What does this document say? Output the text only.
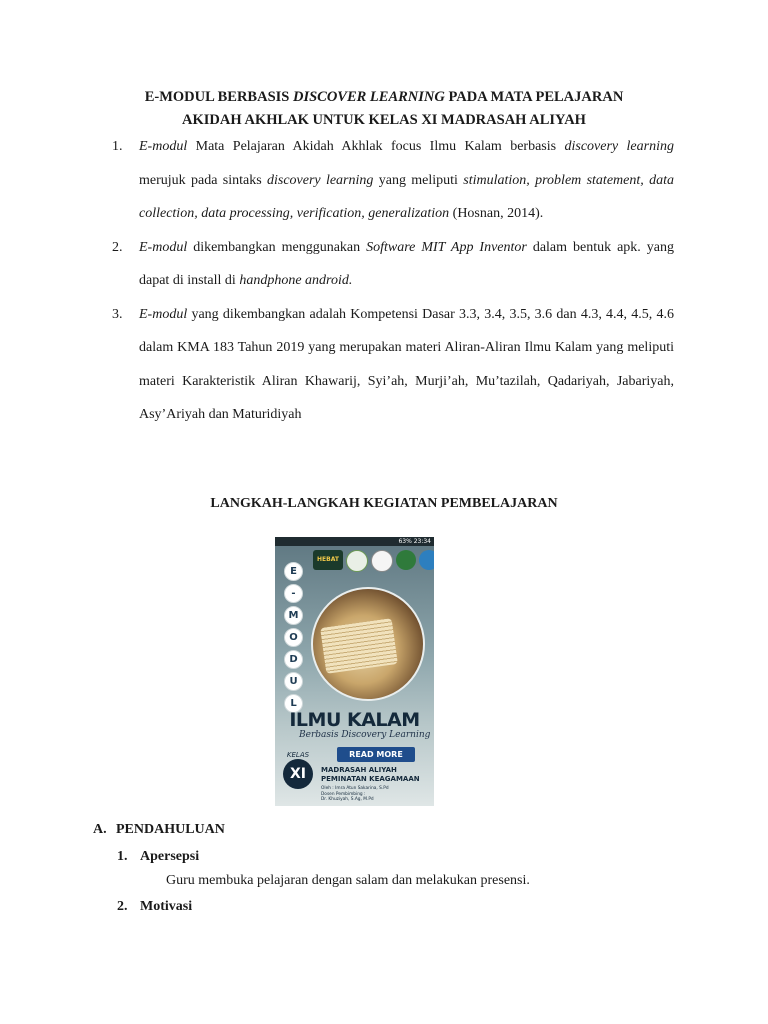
E-MODUL BERBASIS DISCOVER LEARNING PADA MATA PELAJARAN
AKIDAH AKHLAK UNTUK KELAS XI MADRASAH ALIYAH
1. E-modul Mata Pelajaran Akidah Akhlak focus Ilmu Kalam berbasis discovery learning merujuk pada sintaks discovery learning yang meliputi stimulation, problem statement, data collection, data processing, verification, generalization (Hosnan, 2014).
2. E-modul dikembangkan menggunakan Software MIT App Inventor dalam bentuk apk. yang dapat di install di handphone android.
3. E-modul yang dikembangkan adalah Kompetensi Dasar 3.3, 3.4, 3.5, 3.6 dan 4.3, 4.4, 4.5, 4.6 dalam KMA 183 Tahun 2019 yang merupakan materi Aliran-Aliran Ilmu Kalam yang meliputi materi Karakteristik Aliran Khawarij, Syi’ah, Murji’ah, Mu’tazilah, Qadariyah, Jabariyah, Asy’Ariyah dan Maturidiyah
LANGKAH-LANGKAH KEGIATAN PEMBELAJARAN
63% 23:34
HEBAT
E
-
M
O
D
U
L
ILMU KALAM
Berbasis Discovery Learning
READ MORE
KELAS
XI	MADRASAH ALIYAH
PEMINATAN KEAGAMAAN
Oleh : Imra Atun Sakarina, S.Pd
Dosen Pembimbing :
Dr. Khuziyah, S.Ag, M.Pd
A. PENDAHULUAN
1. Apersepsi
Guru membuka pelajaran dengan salam dan melakukan presensi.
2. Motivasi
